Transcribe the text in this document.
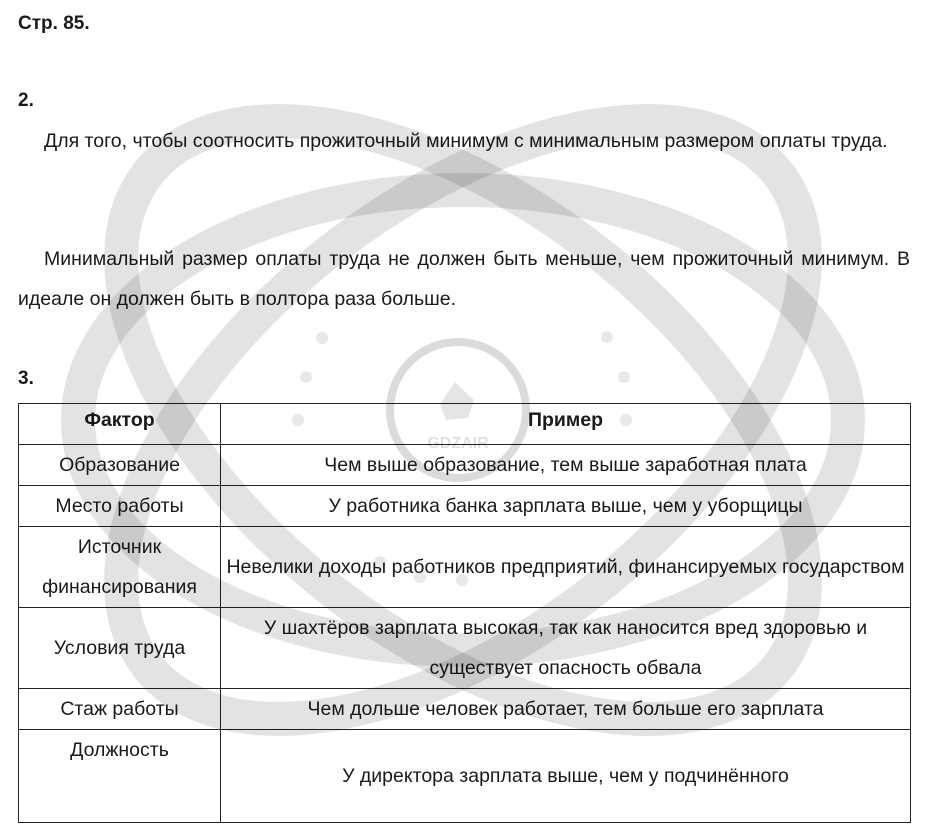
Стр. 85.
2.

Для того, чтобы соотносить прожиточный минимум с минимальным размером оплаты труда.

Минимальный размер оплаты труда не должен быть меньше, чем прожиточный минимум. В идеале он должен быть в полтора раза больше.

3.
Фактор	Пример
Образование	Чем выше образование, тем выше заработная плата
Место работы	У работника банка зарплата выше, чем у уборщицы
Источник финансирования	Невелики доходы работников предприятий, финансируемых государством
Условия труда	У шахтёров зарплата высокая, так как наносится вред здоровью и существует опасность обвала
Стаж работы	Чем дольше человек работает, тем больше его зарплата
Должность	У директора зарплата выше, чем у подчинённого
GDZAIR
